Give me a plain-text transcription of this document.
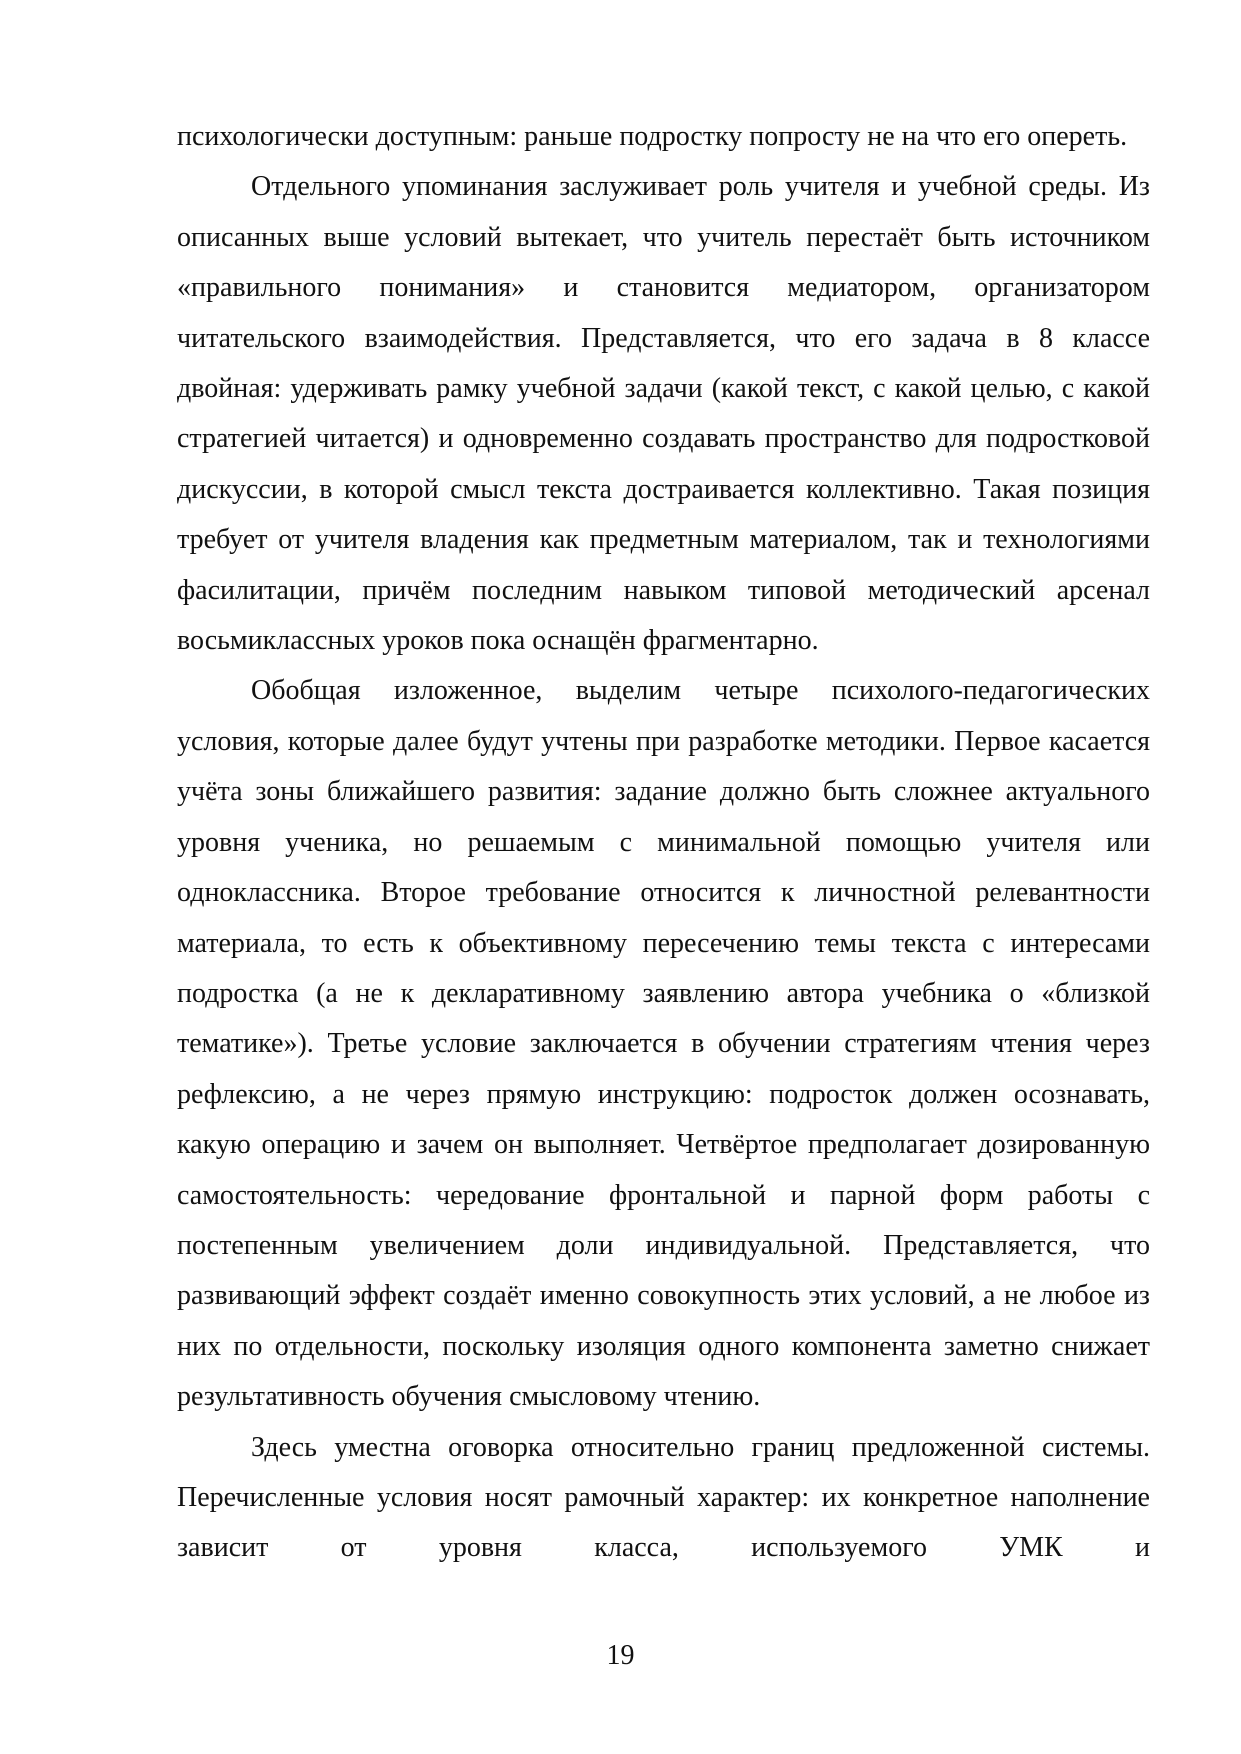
психологически доступным: раньше подростку попросту не на что его опереть.

Отдельного упоминания заслуживает роль учителя и учебной среды. Из описанных выше условий вытекает, что учитель перестаёт быть источником «правильного понимания» и становится медиатором, организатором читательского взаимодействия. Представляется, что его задача в 8 классе двойная: удерживать рамку учебной задачи (какой текст, с какой целью, с какой стратегией читается) и одновременно создавать пространство для подростковой дискуссии, в которой смысл текста достраивается коллективно. Такая позиция требует от учителя владения как предметным материалом, так и технологиями фасилитации, причём последним навыком типовой методический арсенал восьмиклассных уроков пока оснащён фрагментарно.

Обобщая изложенное, выделим четыре психолого-педагогических условия, которые далее будут учтены при разработке методики. Первое касается учёта зоны ближайшего развития: задание должно быть сложнее актуального уровня ученика, но решаемым с минимальной помощью учителя или одноклассника. Второе требование относится к личностной релевантности материала, то есть к объективному пересечению темы текста с интересами подростка (а не к декларативному заявлению автора учебника о «близкой тематике»). Третье условие заключается в обучении стратегиям чтения через рефлексию, а не через прямую инструкцию: подросток должен осознавать, какую операцию и зачем он выполняет. Четвёртое предполагает дозированную самостоятельность: чередование фронтальной и парной форм работы с постепенным увеличением доли индивидуальной. Представляется, что развивающий эффект создаёт именно совокупность этих условий, а не любое из них по отдельности, поскольку изоляция одного компонента заметно снижает результативность обучения смысловому чтению.

Здесь уместна оговорка относительно границ предложенной системы. Перечисленные условия носят рамочный характер: их конкретное наполнение зависит от уровня класса, используемого УМК и

19
